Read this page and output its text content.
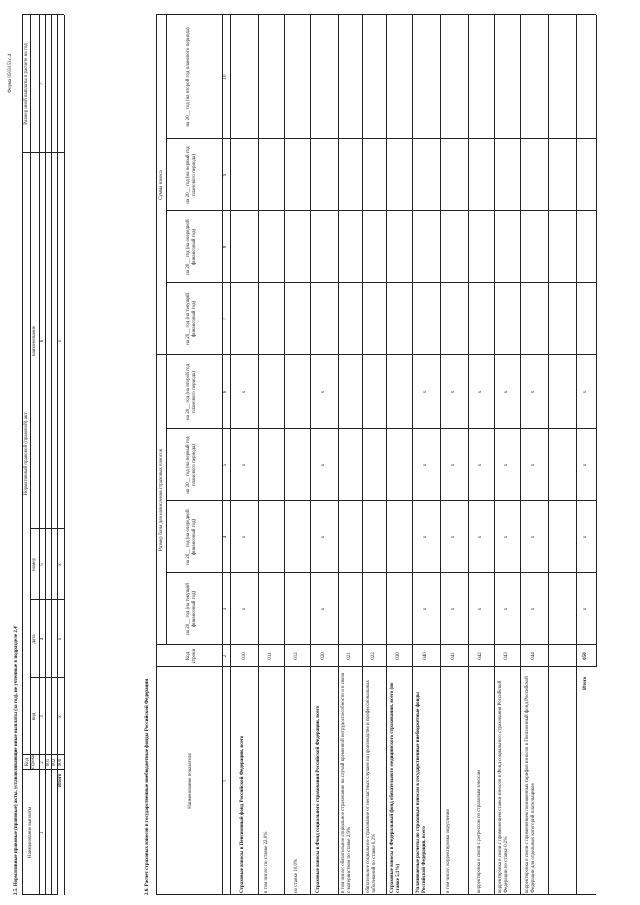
Форма 0503151с.4
2.5. Нормативные правовые (правовые) акты, устанавливающие иные выплаты (за год), не учтенные в подразделе 2.4 Наименование выплаты
Код строки
Нормативный правовой (правовой) акт
вид
дата
номер
наименование
Размер иной выплаты в расчете на год
1
2
3
4
5
6
7
001 002
Итого
900
х
х
х
х
2.6. Расчет страховых взносов в государственные внебюджетные фонды Российской Федерации	Наименование показателя
Код строки
Размер базы для начисления страховых взносов
Сумма взноса
на 20__ год (на текущий финансовый год)
на 20__ год (на очередной финансовый год)
на 20__ год (на первый год планового периода)
на 20__ год (на второй год планового периода)
на 20__ год (на текущий финансовый год)
на 20__ год (на очередной финансовый год)
на 20__ год (на первый год планового периода)
на 20__ год (на второй год планового периода)
1
2
3
4
5
6
7
8
9
10
Страховые взносы в Пенсионный фонд Российской Федерации, всего
010
х
х
х
х
в том числе: по ставке 22,0%
011
по ставке 10,0%
012
Страховые взносы в Фонд социального страхования Российской Федерации, всего
020
х
х
х
х
в том числе: обязательное социальное страхование на случай временной нетрудоспособности и в связи с материнством по ставке 2,9%
021
обязательное социальное страхование от несчастных случаев на производстве и профессиональных заболеваний по ставке 0,2%
022
Страховые взносы в Федеральный фонд обязательного медицинского страхования, всего (по ставке 5,1%)
030
Уплачиваемые расчеты по страховым взносам в государственные внебюджетные фонды Российской Федерации, всего
040
х
х
х
х
в том числе: корректировка округления
041
х
х
х
х
корректировка в связи с регрессом по страховым взносам
042
х
х
х
х
корректировка в связи с применением ставки взносов в Фонд социального страхования Российской Федерации по ставке 0,2%
043
х
х
х
х
корректировка в связи с применением пониженных тарифов взносов в Пенсионный фонд Российской Федерации для отдельных категорий плательщиков
044
х
х
х
х
Итого
050
х
х
х
х
